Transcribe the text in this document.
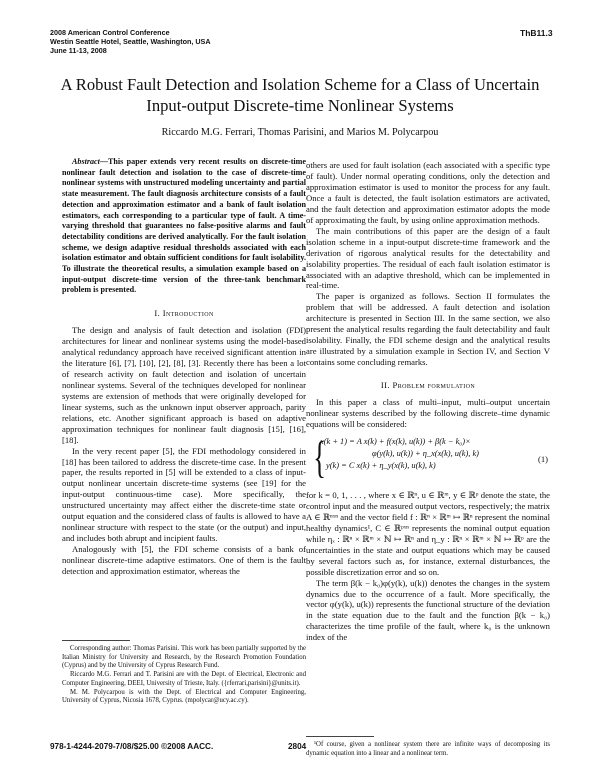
2008 American Control Conference
Westin Seattle Hotel, Seattle, Washington, USA
June 11-13, 2008
ThB11.3
A Robust Fault Detection and Isolation Scheme for a Class of Uncertain
Input-output Discrete-time Nonlinear Systems
Riccardo M.G. Ferrari, Thomas Parisini, and Marios M. Polycarpou

Abstract—This paper extends very recent results on discrete-time nonlinear fault detection and isolation to the case of discrete-time nonlinear systems with unstructured modeling uncertainty and partial state measurement. The fault diagnosis architecture consists of a fault detection and approximation estimator and a bank of fault isolation estimators, each corresponding to a particular type of fault. A time-varying threshold that guarantees no false-positive alarms and fault detectability conditions are derived analytically. For the fault isolation scheme, we design adaptive residual thresholds associated with each isolation estimator and obtain sufficient conditions for fault isolability. To illustrate the theoretical results, a simulation example based on a input-output discrete-time version of the three-tank benchmark problem is presented.

I. Introduction

The design and analysis of fault detection and isolation (FDI) architectures for linear and nonlinear systems using the model-based analytical redundancy approach have received significant attention in the literature [6], [7], [10], [2], [8], [3]. Recently there has been a lot of research activity on fault detection and isolation of uncertain nonlinear systems. Several of the techniques developed for nonlinear systems are extension of methods that were originally developed for linear systems, such as the unknown input observer approach, parity relations, etc. Another significant approach is based on adaptive approximation techniques for nonlinear fault diagnosis [15], [16], [18].

In the very recent paper [5], the FDI methodology considered in [18] has been tailored to address the discrete-time case. In the present paper, the results reported in [5] will be extended to a class of input-output nonlinear uncertain discrete-time systems (see [19] for the input-output continuous-time case). More specifically, the unstructured uncertainty may affect either the discrete-time state or output equation and the considered class of faults is allowed to have a nonlinear structure with respect to the state (or the output) and input, and includes both abrupt and incipient faults.

Analogously with [5], the FDI scheme consists of a bank of nonlinear discrete-time adaptive estimators. One of them is the fault detection and approximation estimator, whereas the

Corresponding author: Thomas Parisini. This work has been partially supported by the Italian Ministry for University and Research, by the Research Promotion Foundation (Cyprus) and by the University of Cyprus Research Fund.

Riccardo M.G. Ferrari and T. Parisini are with the Dept. of Electrical, Electronic and Computer Engineering, DEEI, University of Trieste, Italy. ({rferrari,parisini}@units.it).

M. M. Polycarpou is with the Dept. of Electrical and Computer Engineering, University of Cyprus, Nicosia 1678, Cyprus. (mpolycar@ucy.ac.cy).

others are used for fault isolation (each associated with a specific type of fault). Under normal operating conditions, only the detection and approximation estimator is used to monitor the process for any fault. Once a fault is detected, the fault isolation estimators are activated, and the fault detection and approximation estimator adopts the mode of approximating the fault, by using online approximation methods.

The main contributions of this paper are the design of a fault isolation scheme in a input-output discrete-time framework and the derivation of rigorous analytical results for the detectability and isolability properties. The residual of each fault isolation estimator is associated with an adaptive threshold, which can be implemented in real-time.

The paper is organized as follows. Section II formulates the problem that will be addressed. A fault detection and isolation architecture is presented in Section III. In the same section, we also present the analytical results regarding the fault detectability and fault isolability. Finally, the FDI scheme design and the analytical results are illustrated by a simulation example in Section IV, and Section V contains some concluding remarks.

II. Problem formulation

In this paper a class of multi–input, multi–output uncertain nonlinear systems described by the following discrete–time dynamic equations will be considered:

{
x(k + 1) = A x(k) + f(x(k), u(k)) + β(k − k₀)×
φ(y(k), u(k)) + η_x(x(k), u(k), k)
y(k) = C x(k) + η_y(x(k), u(k), k)
(1)

for k = 0, 1, . . . , where x ∈ ℝⁿ, u ∈ ℝᵐ, y ∈ ℝᵖ denote the state, the control input and the measured output vectors, respectively; the matrix A ∈ ℝⁿˣⁿ and the vector field f : ℝⁿ × ℝᵐ ↦ ℝⁿ represent the nominal healthy dynamics¹, C ∈ ℝᵖˣⁿ represents the nominal output equation while ηₓ : ℝⁿ × ℝᵐ × ℕ ↦ ℝⁿ and η_y : ℝⁿ × ℝᵐ × ℕ ↦ ℝᵖ are the uncertainties in the state and output equations which may be caused by several factors such as, for instance, external disturbances, the possible discretization error and so on.

The term β(k − k₀)φ(y(k), u(k)) denotes the changes in the system dynamics due to the occurrence of a fault. More specifically, the vector φ(y(k), u(k)) represents the functional structure of the deviation in the state equation due to the fault and the function β(k − k₀) characterizes the time profile of the fault, where k₀ is the unknown index of the

¹Of course, given a nonlinear system there are infinite ways of decomposing its dynamic equation into a linear and a nonlinear term.

978-1-4244-2079-7/08/$25.00 ©2008 AACC.	2804
